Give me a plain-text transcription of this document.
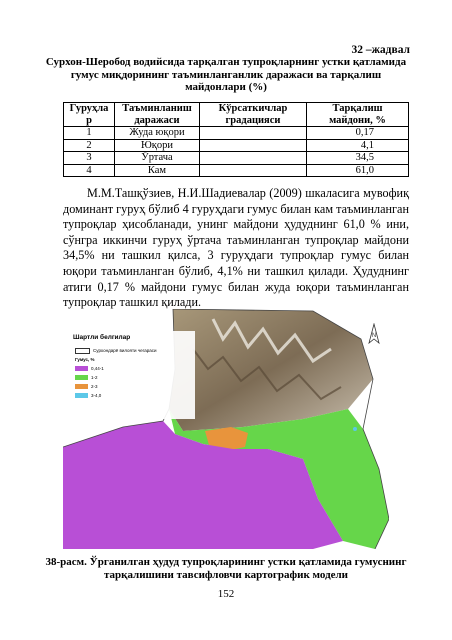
32 –жадвал
Сурхон-Шеробод водийсида тарқалган тупроқларнинг устки қатламида
гумус миқдорининг таъминланганлик даражаси ва тарқалиш
майдонлари (%)
Гуруҳла р	Таъминланиш даражаси	Кўрсаткичлар градацияси	Тарқалиш майдони, %
1	Жуда юқори		0,17
2	Юқори		4,1
3	Ўртача		34,5
4	Кам		61,0
М.М.Ташқўзиев, Н.И.Шадиевалар (2009) шкаласига мувофиқ доминант гуруҳ бўлиб 4 гуруҳдаги гумус билан кам таъминланган тупроқлар ҳисобланади, унинг майдони ҳудуднинг 61,0 % ини, сўнгра иккинчи гуруҳ ўртача таъминланган тупроқлар майдони 34,5% ни ташкил қилса, 3 гуруҳдаги тупроқлар гумус билан юқори таъминланган бўлиб, 4,1% ни ташкил қилади. Ҳудуднинг атиги 0,17 % майдони гумус билан жуда юқори таъминланган тупроқлар ташкил қилади.
Шартли белгилар
Сурхондарё вилояти чегараси
Гумус, %
0,44-1
1-2
2-3
3-4,0
N
38-расм. Ўрганилган ҳудуд тупроқларининг устки қатламида гумуснинг
тарқалишини тавсифловчи картографик модели
152
